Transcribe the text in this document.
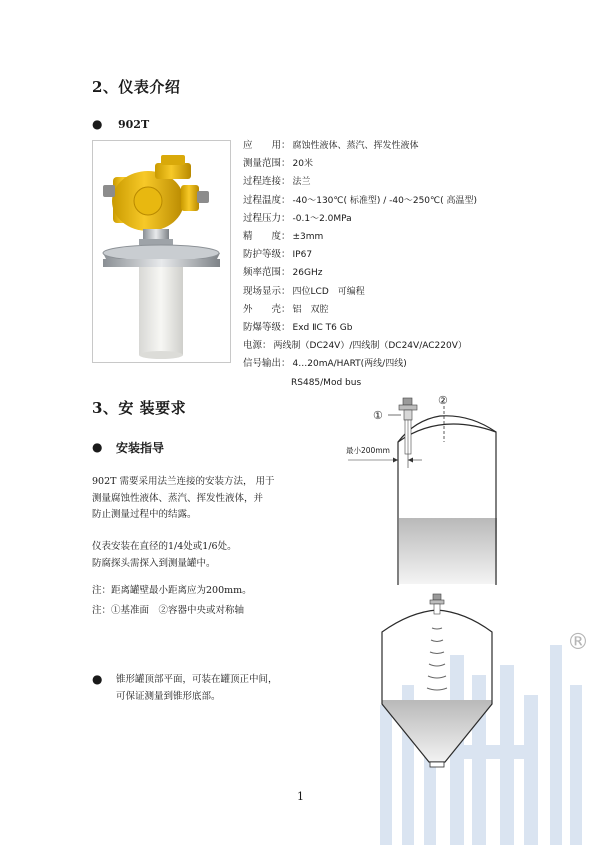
2、仪表介绍
● 902T
应　　用： 腐蚀性液体、蒸汽、挥发性液体
测量范围： 20米
过程连接： 法兰
过程温度： -40～130℃( 标准型) / -40～250℃( 高温型)
过程压力： -0.1～2.0MPa
精　　度： ±3mm
防护等级： IP67
频率范围： 26GHz
现场显示： 四位LCD　可编程
外　　壳： 铝　双腔
防爆等级： Exd ⅡC T6 Gb
电源： 两线制（DC24V）/四线制（DC24V/AC220V）
信号输出： 4…20mA/HART(两线/四线)
RS485/Mod bus
3、安 装要求
● 安装指导
902T 需要采用法兰连接的安装方法， 用于
测量腐蚀性液体、蒸汽、挥发性液体，并
防止测量过程中的结露。
仪表安装在直径的1/4处或1/6处。
防腐探头需探入到测量罐中。
注：距离罐壁最小距离应为200mm。
注：①基准面　②容器中央或对称轴
● 锥形罐顶部平面，可装在罐顶正中间，
可保证测量到锥形底部。
®
①
②
最小200mm
1
